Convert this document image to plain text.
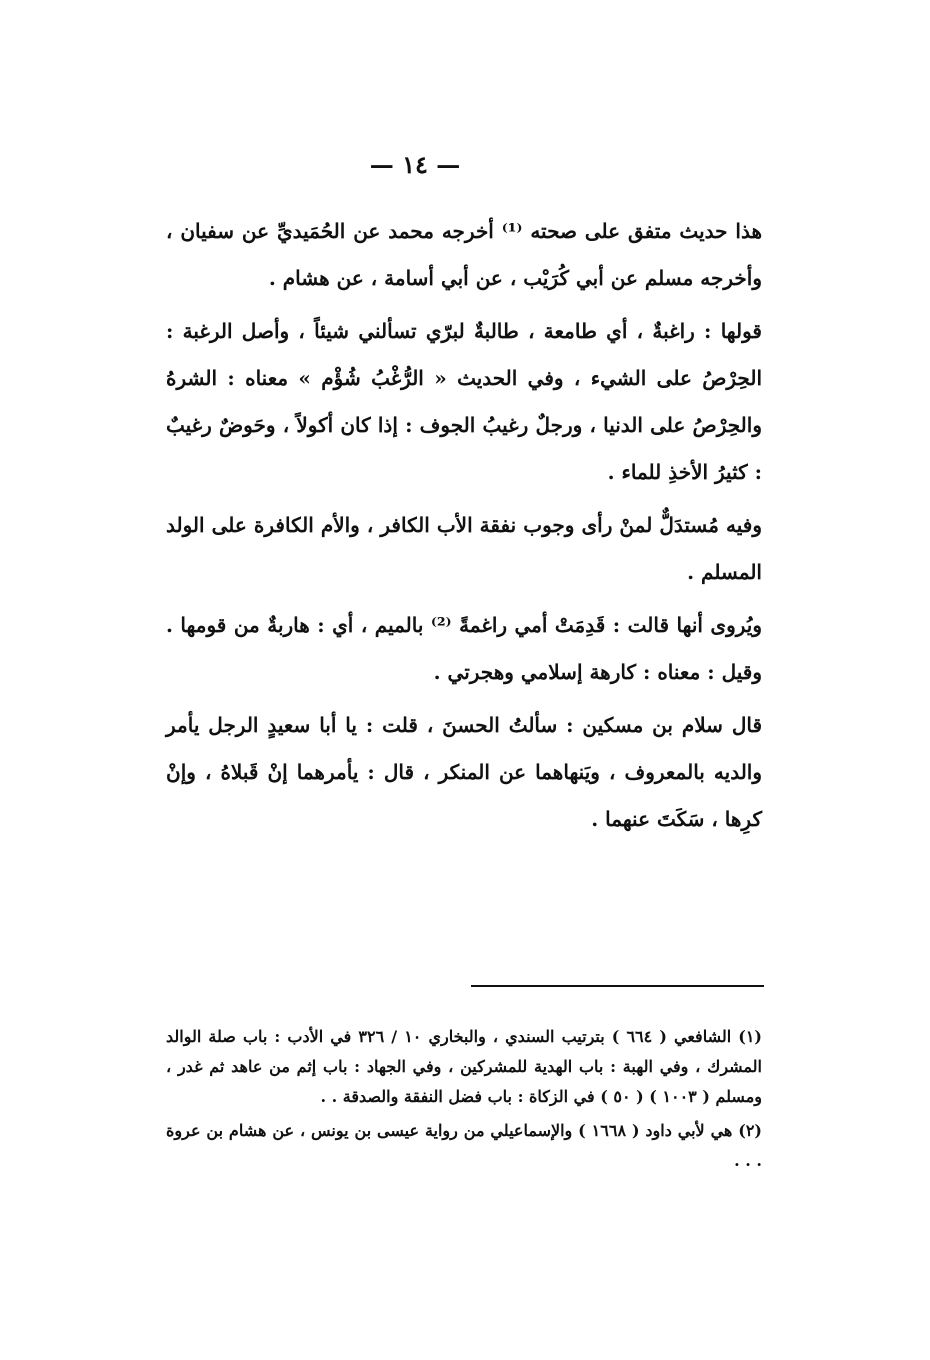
— ١٤ —

هذا حديث متفق على صحته ⁽¹⁾ أخرجه محمد عن الحُمَيديِّ عن سفيان ، وأخرجه مسلم عن أبي كُرَيْب ، عن أبي أسامة ، عن هشام .

قولها : راغبةٌ ، أي طامعة ، طالبةٌ لبرّي تسألني شيئاً ، وأصل الرغبة : الحِرْصُ على الشيء ، وفي الحديث « الرُّغْبُ شُؤْم » معناه : الشرهُ والحِرْصُ على الدنيا ، ورجلٌ رغيبُ الجوف : إذا كان أكولاً ، وحَوضٌ رغيبٌ : كثيرُ الأخذِ للماء .

وفيه مُستدَلٌّ لمنْ رأى وجوب نفقة الأب الكافر ، والأم الكافرة على الولد المسلم .

ويُروى أنها قالت : قَدِمَتْ أمي راغمةً ⁽²⁾ بالميم ، أي : هاربةٌ من قومها . وقيل : معناه : كارهة إسلامي وهجرتي .

قال سلام بن مسكين : سألتُ الحسنَ ، قلت : يا أبا سعيدٍ الرجل يأمر والديه بالمعروف ، ويَنهاهما عن المنكر ، قال : يأمرهما إنْ قَبلاهُ ، وإنْ كرِها ، سَكَتَ عنهما .

(١) الشافعي ( ٦٦٤ ) بترتيب السندي ، والبخاري ١٠ / ٣٢٦ في الأدب : باب صلة الوالد المشرك ، وفي الهبة : باب الهدية للمشركين ، وفي الجهاد : باب إثم من عاهد ثم غدر ، ومسلم ( ١٠٠٣ ) ( ٥٠ ) في الزكاة : باب فضل النفقة والصدقة . .

(٢) هي لأبي داود ( ١٦٦٨ ) والإسماعيلي من رواية عيسى بن يونس ، عن هشام بن عروة . . .
